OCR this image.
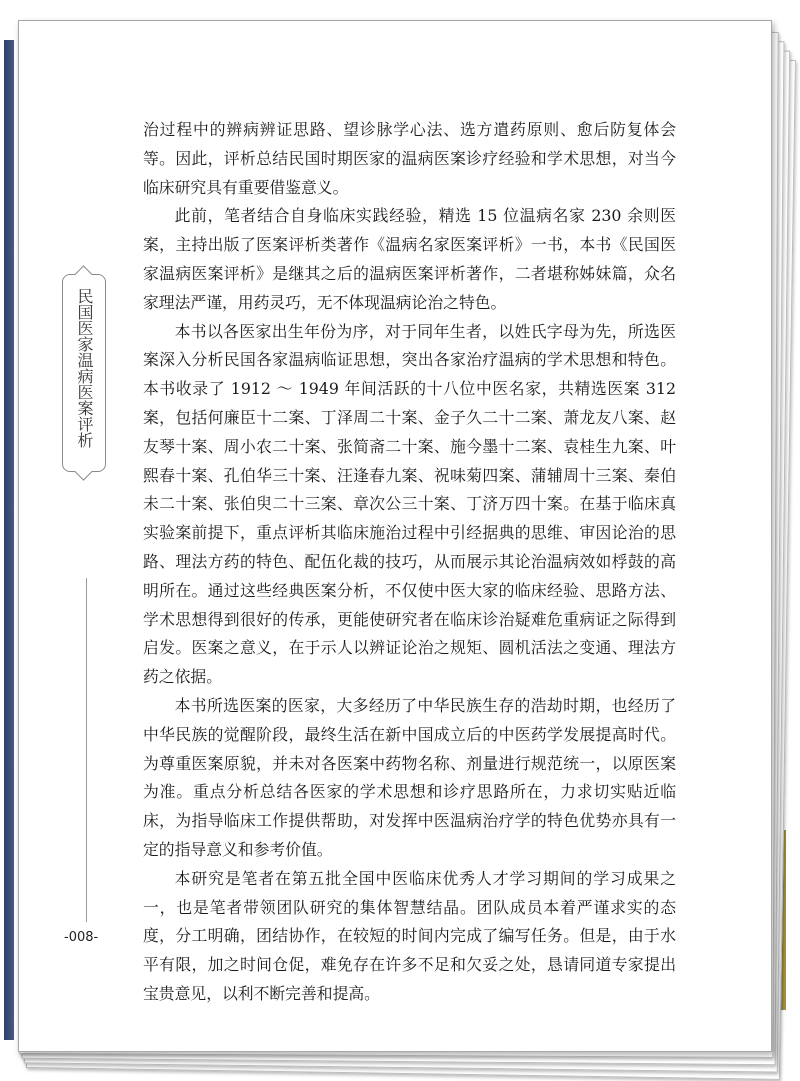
民国医家温病医案评析
-008-

治过程中的辨病辨证思路、望诊脉学心法、选方遣药原则、愈后防复体会等。因此，评析总结民国时期医家的温病医案诊疗经验和学术思想，对当今临床研究具有重要借鉴意义。

此前，笔者结合自身临床实践经验，精选 15 位温病名家 230 余则医案，主持出版了医案评析类著作《温病名家医案评析》一书，本书《民国医家温病医案评析》是继其之后的温病医案评析著作，二者堪称姊妹篇，众名家理法严谨，用药灵巧，无不体现温病论治之特色。

本书以各医家出生年份为序，对于同年生者，以姓氏字母为先，所选医案深入分析民国各家温病临证思想，突出各家治疗温病的学术思想和特色。本书收录了 1912 ～ 1949 年间活跃的十八位中医名家，共精选医案 312 案，包括何廉臣十二案、丁泽周二十案、金子久二十二案、萧龙友八案、赵友琴十案、周小农二十案、张简斋二十案、施今墨十二案、袁桂生九案、叶熙春十案、孔伯华三十案、汪逢春九案、祝味菊四案、蒲辅周十三案、秦伯未二十案、张伯臾二十三案、章次公三十案、丁济万四十案。在基于临床真实验案前提下，重点评析其临床施治过程中引经据典的思维、审因论治的思路、理法方药的特色、配伍化裁的技巧，从而展示其论治温病效如桴鼓的高明所在。通过这些经典医案分析，不仅使中医大家的临床经验、思路方法、学术思想得到很好的传承，更能使研究者在临床诊治疑难危重病证之际得到启发。医案之意义，在于示人以辨证论治之规矩、圆机活法之变通、理法方药之依据。

本书所选医案的医家，大多经历了中华民族生存的浩劫时期，也经历了中华民族的觉醒阶段，最终生活在新中国成立后的中医药学发展提高时代。为尊重医案原貌，并未对各医案中药物名称、剂量进行规范统一，以原医案为准。重点分析总结各医家的学术思想和诊疗思路所在，力求切实贴近临床，为指导临床工作提供帮助，对发挥中医温病治疗学的特色优势亦具有一定的指导意义和参考价值。

本研究是笔者在第五批全国中医临床优秀人才学习期间的学习成果之一，也是笔者带领团队研究的集体智慧结晶。团队成员本着严谨求实的态度，分工明确，团结协作，在较短的时间内完成了编写任务。但是，由于水平有限，加之时间仓促，难免存在许多不足和欠妥之处，恳请同道专家提出宝贵意见，以利不断完善和提高。
